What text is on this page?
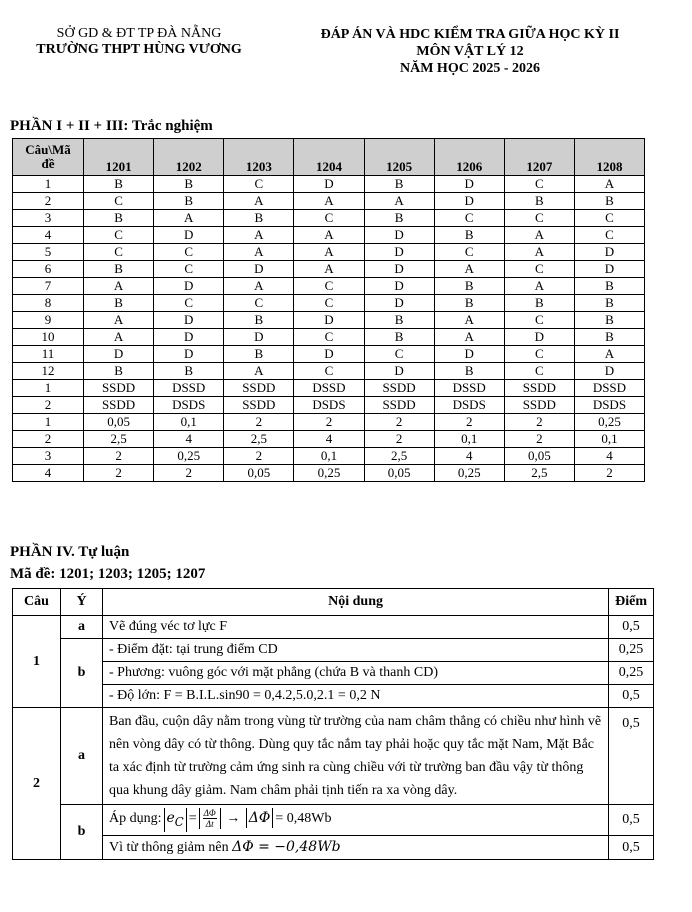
SỞ GD & ĐT TP ĐÀ NẴNG
TRƯỜNG THPT HÙNG VƯƠNG
ĐÁP ÁN VÀ HDC KIỂM TRA GIỮA HỌC KỲ II
MÔN VẬT LÝ 12
NĂM HỌC 2025 - 2026
PHẦN I + II + III: Trắc nghiệm
Câu\Mã
đề	1201	1202	1203	1204	1205	1206	1207	1208
1	B	B	C	D	B	D	C	A
2	C	B	A	A	A	D	B	B
3	B	A	B	C	B	C	C	C
4	C	D	A	A	D	B	A	C
5	C	C	A	A	D	C	A	D
6	B	C	D	A	D	A	C	D
7	A	D	A	C	D	B	A	B
8	B	C	C	C	D	B	B	B
9	A	D	B	D	B	A	C	B
10	A	D	D	C	B	A	D	B
11	D	D	B	D	C	D	C	A
12	B	B	A	C	D	B	C	D
1	SSDD	DSSD	SSDD	DSSD	SSDD	DSSD	SSDD	DSSD
2	SSDD	DSDS	SSDD	DSDS	SSDD	DSDS	SSDD	DSDS
1	0,05	0,1	2	2	2	2	2	0,25
2	2,5	4	2,5	4	2	0,1	2	0,1
3	2	0,25	2	0,1	2,5	4	0,05	4
4	2	2	0,05	0,25	0,05	0,25	2,5	2
PHẦN IV. Tự luận
Mã đề: 1201; 1203; 1205; 1207
Câu	Ý	Nội dung	Điểm
1	a	Vẽ đúng véc tơ lực F	0,5
	b	- Điểm đặt: tại trung điểm CD	0,25
		- Phương: vuông góc với mặt phẳng (chứa B và thanh CD)	0,25
		- Độ lớn: F = B.I.L.sin90 = 0,4.2,5.0,2.1 = 0,2 N	0,5
2	a	Ban đầu, cuộn dây nằm trong vùng từ trường của nam châm thẳng có chiều như hình vẽ nên vòng dây có từ thông. Dùng quy tắc nắm tay phải hoặc quy tắc mặt Nam, Mặt Bắc ta xác định từ trường cảm ứng sinh ra cùng chiều với từ trường ban đầu vậy từ thông qua khung dây giảm. Nam châm phải tịnh tiến ra xa vòng dây.	0,5
	b	Áp dụng: $e_C = \frac{\Delta\Phi}{\Delta t} \to \Delta\Phi = 0,48Wb$	0,5
		Vì từ thông giảm nên ΔΦ = −0,48Wb	0,5
